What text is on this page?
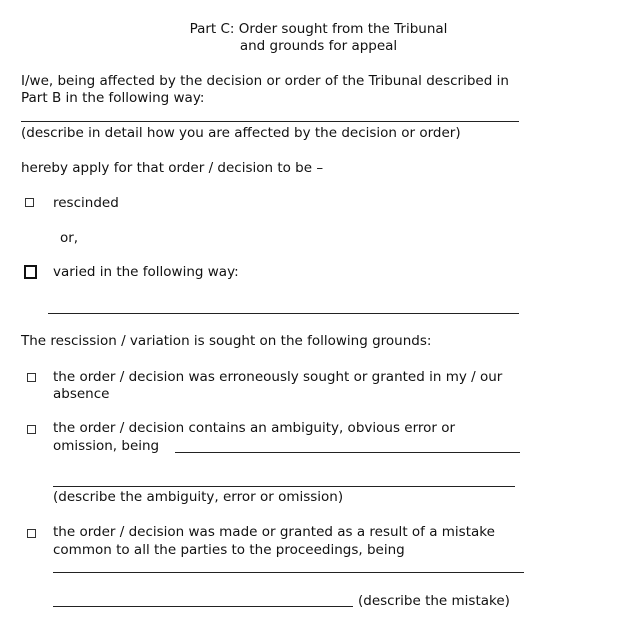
Part C: Order sought from the Tribunal
and grounds for appeal
I/we, being affected by the decision or order of the Tribunal described in
Part B in the following way:
(describe in detail how you are affected by the decision or order)
hereby apply for that order / decision to be –
rescinded
or,
varied in the following way:
The rescission / variation is sought on the following grounds:
the order / decision was erroneously sought or granted in my / our
absence
the order / decision contains an ambiguity, obvious error or
omission, being
(describe the ambiguity, error or omission)
the order / decision was made or granted as a result of a mistake
common to all the parties to the proceedings, being
(describe the mistake)
